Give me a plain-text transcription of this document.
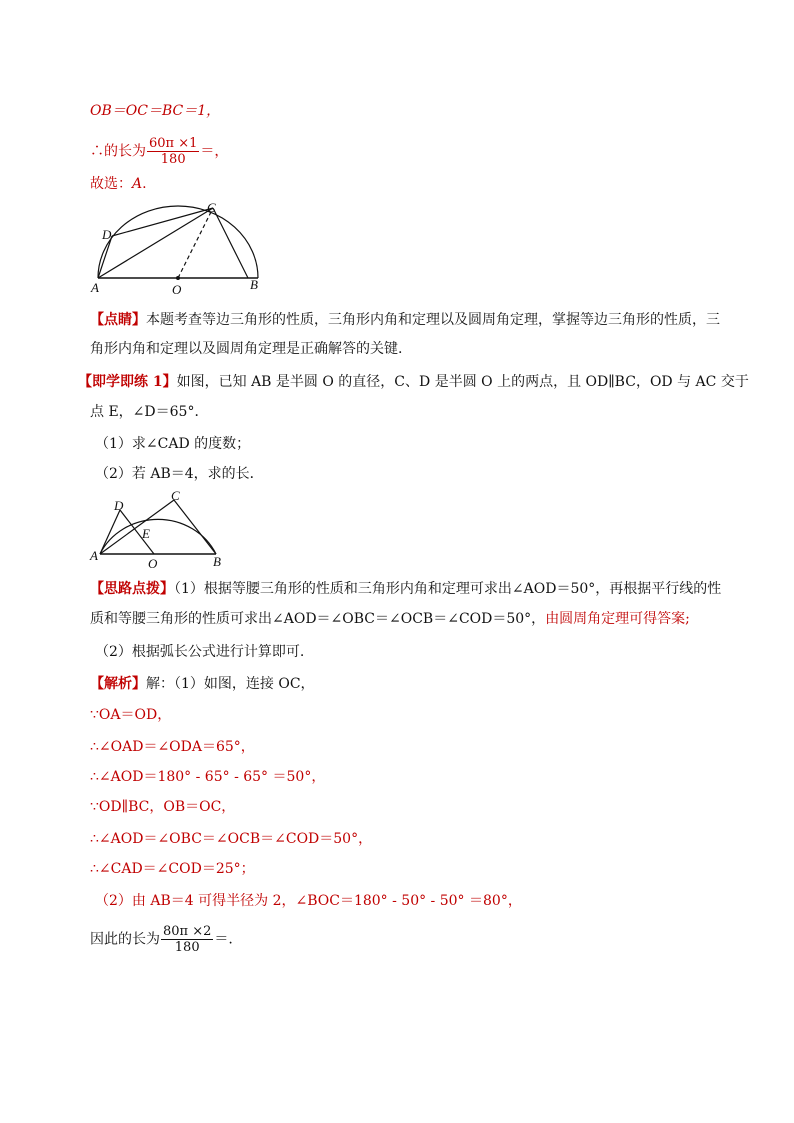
OB＝OC＝BC＝1，
∴的长为 $\frac{60\pi \times 1}{180}$ ＝，
故选：A.
A	B
C
D
O
【点睛】本题考查等边三角形的性质，三角形内角和定理以及圆周角定理，掌握等边三角形的性质，三
角形内角和定理以及圆周角定理是正确解答的关键.
【即学即练 1】如图，已知 AB 是半圆 O 的直径，C、D 是半圆 O 上的两点，且 OD∥BC，OD 与 AC 交于
点 E，∠D＝65°．
（1）求∠CAD 的度数；
（2）若 AB＝4，求的长．
A	B
C
D
E
O
【思路点拨】（1）根据等腰三角形的性质和三角形内角和定理可求出∠AOD＝50°，再根据平行线的性
质和等腰三角形的性质可求出∠AOD＝∠OBC＝∠OCB＝∠COD＝50°，由圆周角定理可得答案;
（2）根据弧长公式进行计算即可.
【解析】解：（1）如图，连接 OC，
∵OA＝OD，
∴∠OAD＝∠ODA＝65°，
∴∠AOD＝180° - 65° - 65° ＝50°，
∵OD∥BC，OB＝OC，
∴∠AOD＝∠OBC＝∠OCB＝∠COD＝50°，
∴∠CAD＝∠COD＝25°；
（2）由 AB＝4 可得半径为 2，∠BOC＝180° - 50° - 50° ＝80°，
因此的长为 $\frac{80\pi \times 2}{180}$ ＝.
